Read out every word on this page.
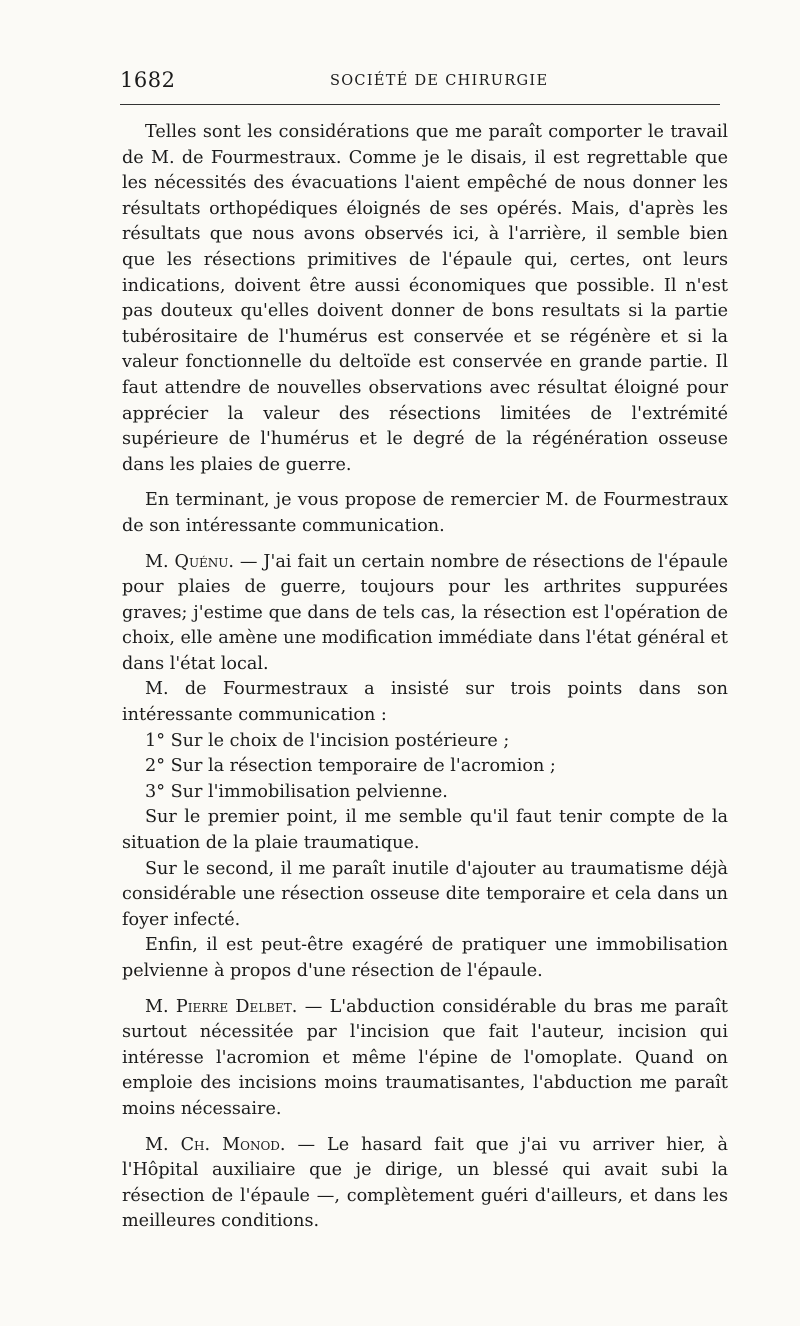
1682	SOCIÉTÉ DE CHIRURGIE

Telles sont les considérations que me paraît comporter le travail de M. de Fourmestraux. Comme je le disais, il est regrettable que les nécessités des évacuations l'aient empêché de nous donner les résultats orthopédiques éloignés de ses opérés. Mais, d'après les résultats que nous avons observés ici, à l'arrière, il semble bien que les résections primitives de l'épaule qui, certes, ont leurs indications, doivent être aussi économiques que possible. Il n'est pas douteux qu'elles doivent donner de bons resultats si la partie tubérositaire de l'humérus est conservée et se régénère et si la valeur fonctionnelle du deltoïde est conservée en grande partie. Il faut attendre de nouvelles observations avec résultat éloigné pour apprécier la valeur des résections limitées de l'extrémité supérieure de l'humérus et le degré de la régénération osseuse dans les plaies de guerre.

En terminant, je vous propose de remercier M. de Fourmestraux de son intéressante communication.

M. Quénu. — J'ai fait un certain nombre de résections de l'épaule pour plaies de guerre, toujours pour les arthrites suppurées graves; j'estime que dans de tels cas, la résection est l'opération de choix, elle amène une modification immédiate dans l'état général et dans l'état local.

M. de Fourmestraux a insisté sur trois points dans son intéressante communication :

1° Sur le choix de l'incision postérieure ;

2° Sur la résection temporaire de l'acromion ;

3° Sur l'immobilisation pelvienne.

Sur le premier point, il me semble qu'il faut tenir compte de la situation de la plaie traumatique.

Sur le second, il me paraît inutile d'ajouter au traumatisme déjà considérable une résection osseuse dite temporaire et cela dans un foyer infecté.

Enfin, il est peut-être exagéré de pratiquer une immobilisation pelvienne à propos d'une résection de l'épaule.

M. Pierre Delbet. — L'abduction considérable du bras me paraît surtout nécessitée par l'incision que fait l'auteur, incision qui intéresse l'acromion et même l'épine de l'omoplate. Quand on emploie des incisions moins traumatisantes, l'abduction me paraît moins nécessaire.

M. Ch. Monod. — Le hasard fait que j'ai vu arriver hier, à l'Hôpital auxiliaire que je dirige, un blessé qui avait subi la résection de l'épaule —, complètement guéri d'ailleurs, et dans les meilleures conditions.
